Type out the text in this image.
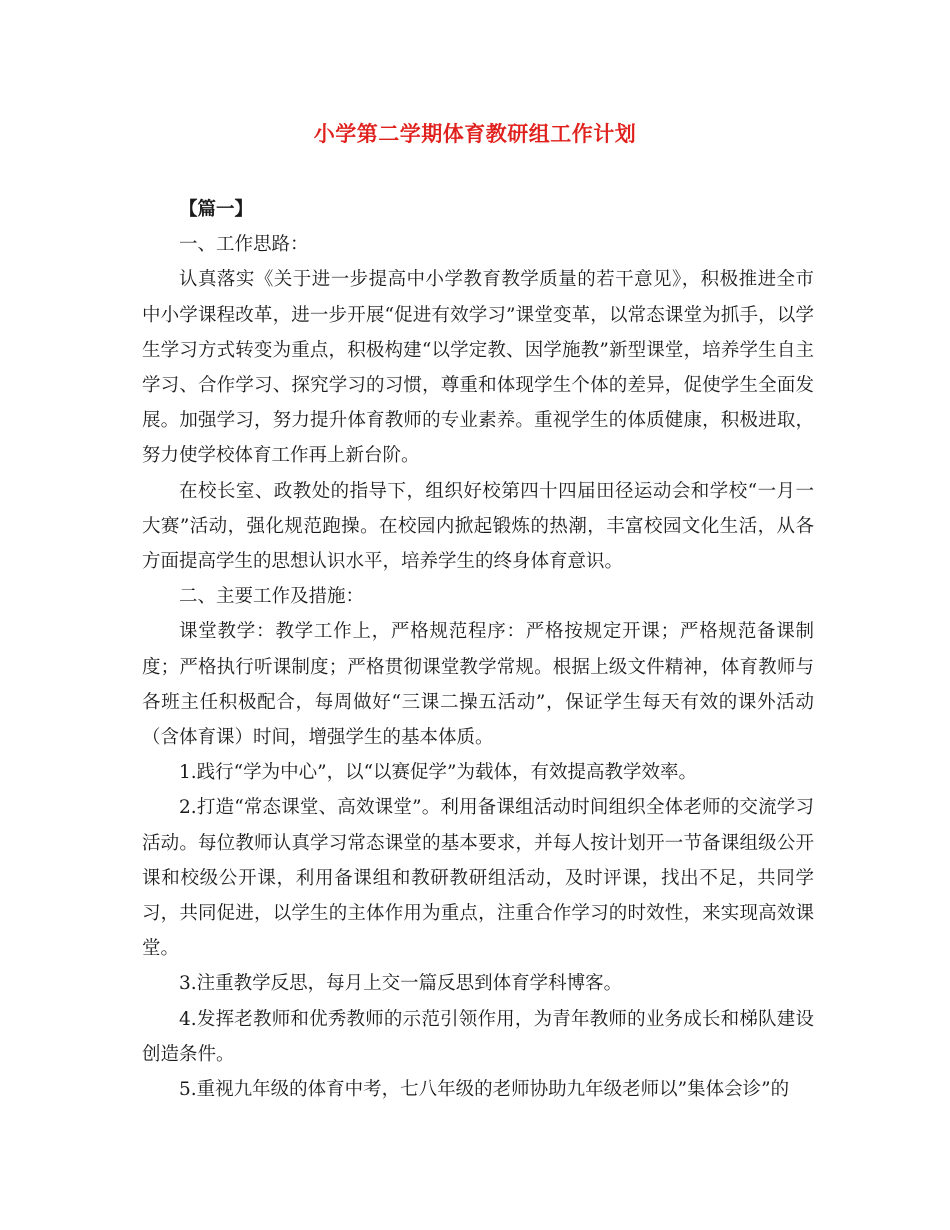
小学第二学期体育教研组工作计划

【篇一】

一、工作思路：

认真落实《关于进一步提高中小学教育教学质量的若干意见》，积极推进全市中小学课程改革，进一步开展“促进有效学习”课堂变革，以常态课堂为抓手，以学生学习方式转变为重点，积极构建“以学定教、因学施教”新型课堂，培养学生自主学习、合作学习、探究学习的习惯，尊重和体现学生个体的差异，促使学生全面发展。加强学习，努力提升体育教师的专业素养。重视学生的体质健康，积极进取，努力使学校体育工作再上新台阶。

在校长室、政教处的指导下，组织好校第四十四届田径运动会和学校“一月一大赛”活动，强化规范跑操。在校园内掀起锻炼的热潮，丰富校园文化生活，从各方面提高学生的思想认识水平，培养学生的终身体育意识。

二、主要工作及措施：

课堂教学：教学工作上，严格规范程序：严格按规定开课；严格规范备课制度；严格执行听课制度；严格贯彻课堂教学常规。根据上级文件精神，体育教师与各班主任积极配合，每周做好“三课二操五活动”，保证学生每天有效的课外活动（含体育课）时间，增强学生的基本体质。

1.践行“学为中心”，以“以赛促学”为载体，有效提高教学效率。

2.打造“常态课堂、高效课堂”。利用备课组活动时间组织全体老师的交流学习活动。每位教师认真学习常态课堂的基本要求，并每人按计划开一节备课组级公开课和校级公开课，利用备课组和教研教研组活动，及时评课，找出不足，共同学习，共同促进，以学生的主体作用为重点，注重合作学习的时效性，来实现高效课堂。

3.注重教学反思，每月上交一篇反思到体育学科博客。

4.发挥老教师和优秀教师的示范引领作用，为青年教师的业务成长和梯队建设创造条件。

5.重视九年级的体育中考，七八年级的老师协助九年级老师以”集体会诊”的
